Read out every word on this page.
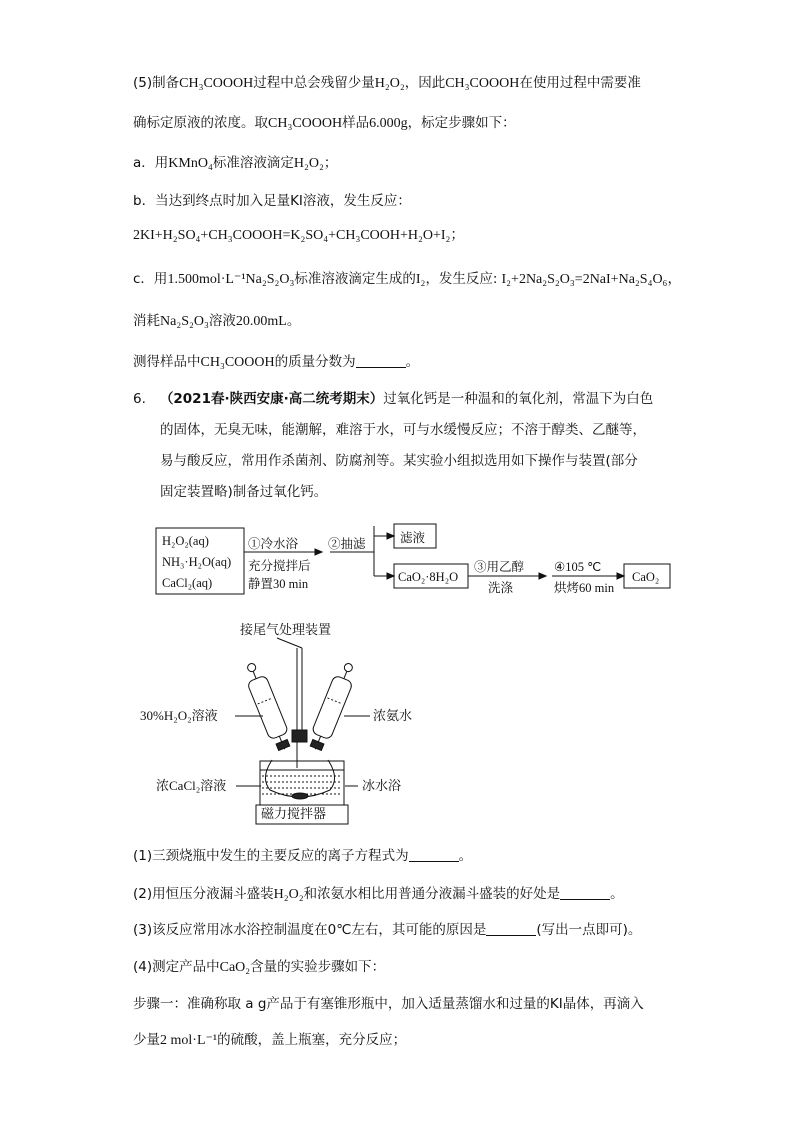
(5)制备CH₃COOOH过程中总会残留少量H₂O₂，因此CH₃COOOH在使用过程中需要准
确标定原液的浓度。取CH₃COOOH样品6.000g，标定步骤如下：
a．用KMnO₄标准溶液滴定H₂O₂；
b．当达到终点时加入足量KI溶液，发生反应：
2KI+H₂SO₄+CH₃COOOH=K₂SO₄+CH₃COOH+H₂O+I₂；
c．用1.500mol·L⁻¹Na₂S₂O₃标准溶液滴定生成的I₂，发生反应: I₂+2Na₂S₂O₃=2NaI+Na₂S₄O₆，
消耗Na₂S₂O₃溶液20.00mL。
测得样品中CH₃COOOH的质量分数为	。
6. （2021春·陕西安康·高二统考期末）过氧化钙是一种温和的氧化剂，常温下为白色
的固体，无臭无味，能潮解，难溶于水，可与水缓慢反应；不溶于醇类、乙醚等，
易与酸反应，常用作杀菌剂、防腐剂等。某实验小组拟选用如下操作与装置(部分
固定装置略)制备过氧化钙。
H₂O₂(aq)
NH₃·H₂O(aq)
CaCl₂(aq)
①冷水浴
充分搅拌后
静置30 min
②抽滤	滤液
CaO₂·8H₂O
③用乙醇
洗涤
④105 ℃
烘烤60 min
CaO₂
接尾气处理装置
30%H₂O₂溶液	浓氨水
浓CaCl₂溶液	冰水浴
磁力搅拌器
(1)三颈烧瓶中发生的主要反应的离子方程式为	。
(2)用恒压分液漏斗盛装H₂O₂和浓氨水相比用普通分液漏斗盛装的好处是	。
(3)该反应常用冰水浴控制温度在0℃左右，其可能的原因是	(写出一点即可)。
(4)测定产品中CaO₂含量的实验步骤如下：
步骤一：准确称取 a g产品于有塞锥形瓶中，加入适量蒸馏水和过量的KI晶体，再滴入
少量2 mol·L⁻¹的硫酸，盖上瓶塞，充分反应；
